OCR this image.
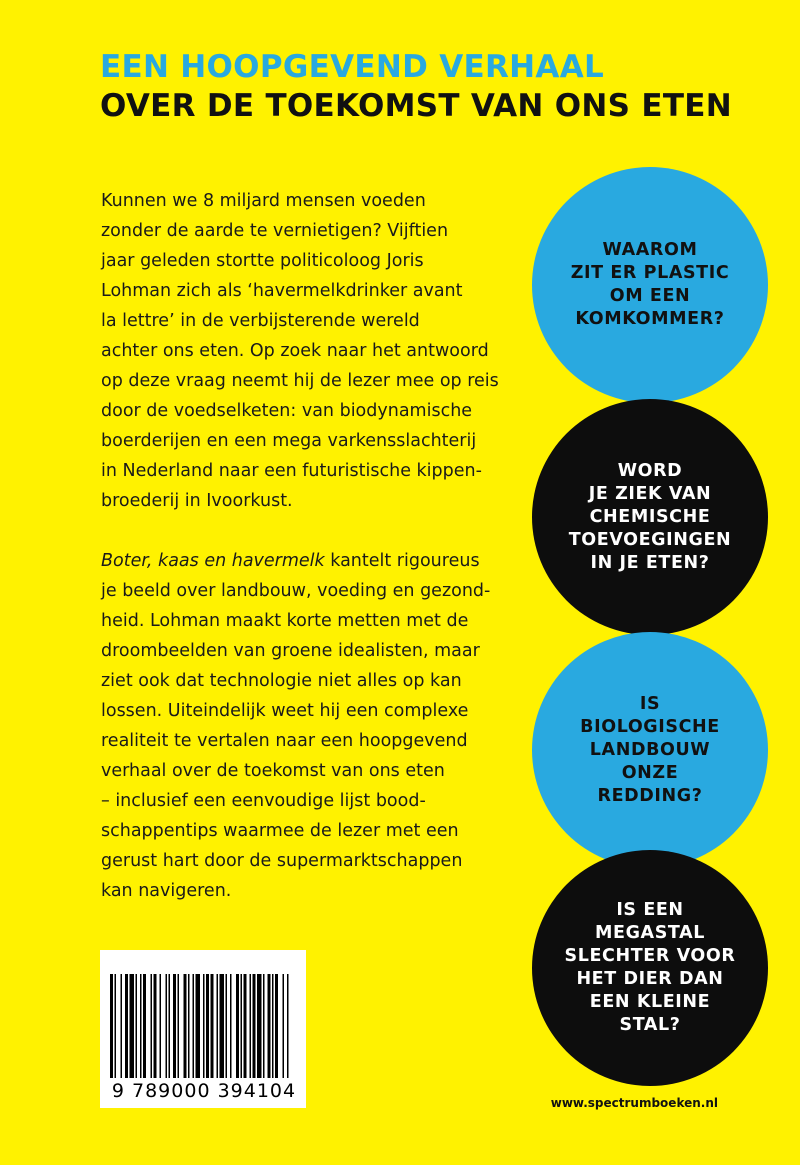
EEN HOOPGEVEND VERHAAL
OVER DE TOEKOMST VAN ONS ETEN

Kunnen we 8 miljard mensen voeden
zonder de aarde te vernietigen? Vijftien
jaar geleden stortte politicoloog Joris
Lohman zich als ‘havermelkdrinker avant
la lettre’ in de verbijsterende wereld
achter ons eten. Op zoek naar het antwoord
op deze vraag neemt hij de lezer mee op reis
door de voedselketen: van biodynamische
boerderijen en een mega varkensslachterij
in Nederland naar een futuristische kippen-
broederij in Ivoorkust.

Boter, kaas en havermelk kantelt rigoureus
je beeld over landbouw, voeding en gezond-
heid. Lohman maakt korte metten met de
droombeelden van groene idealisten, maar
ziet ook dat technologie niet alles op kan
lossen. Uiteindelijk weet hij een complexe
realiteit te vertalen naar een hoopgevend
verhaal over de toekomst van ons eten
– inclusief een eenvoudige lijst bood-
schappentips waarmee de lezer met een
gerust hart door de supermarktschappen
kan navigeren.

WAAROM
ZIT ER PLASTIC
OM EEN
KOMKOMMER?
WORD
JE ZIEK VAN
CHEMISCHE
TOEVOEGINGEN
IN JE ETEN?
IS
BIOLOGISCHE
LANDBOUW
ONZE
REDDING?
IS EEN
MEGASTAL
SLECHTER VOOR
HET DIER DAN
EEN KLEINE
STAL?
9 789000 394104
www.spectrumboeken.nl
